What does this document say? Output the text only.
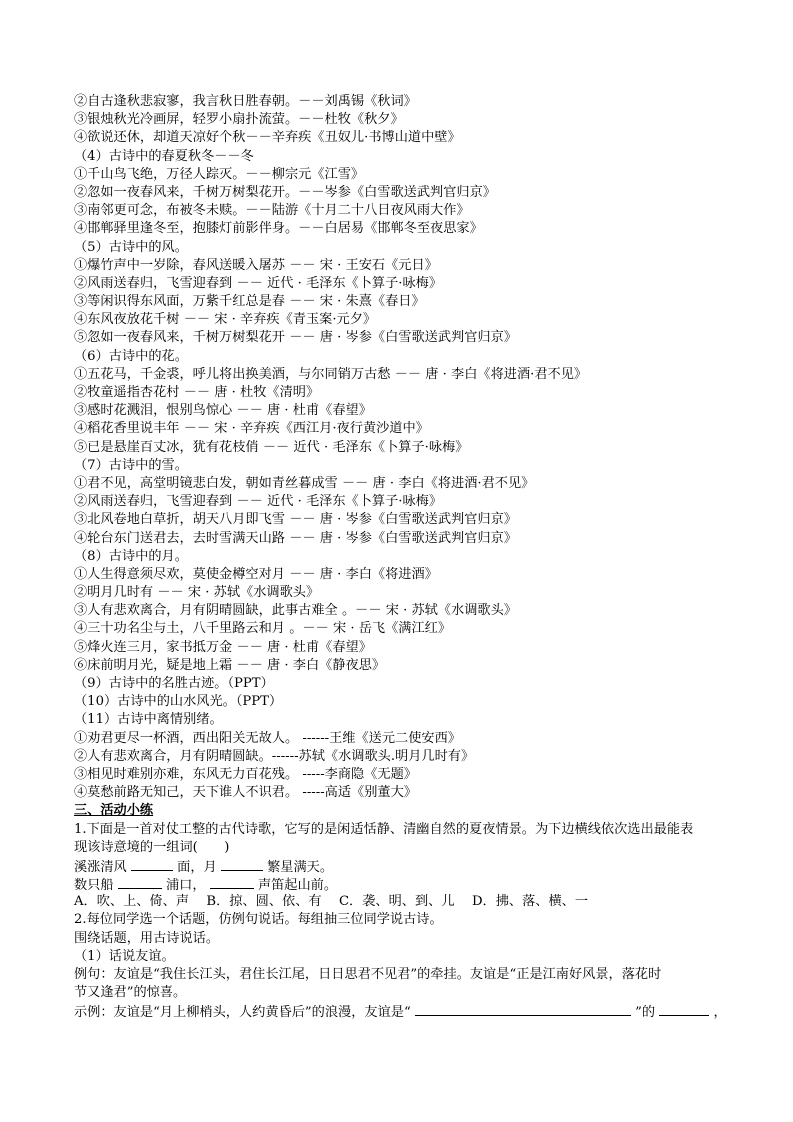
②自古逢秋悲寂寥，我言秋日胜春朝。－－刘禹锡《秋词》
③银烛秋光冷画屏，轻罗小扇扑流萤。－－杜牧《秋夕》
④欲说还休，却道天凉好个秋－－辛弃疾《丑奴儿·书博山道中壁》
（4）古诗中的春夏秋冬－－冬
①千山鸟飞绝，万径人踪灭。－－柳宗元《江雪》
②忽如一夜春风来，千树万树梨花开。－－岑参《白雪歌送武判官归京》
③南邻更可念，布被冬未赎。－－陆游《十月二十八日夜风雨大作》
④邯郸驿里逢冬至，抱膝灯前影伴身。－－白居易《邯郸冬至夜思家》
（5）古诗中的风。
①爆竹声中一岁除，春风送暖入屠苏 －－ 宋 · 王安石《元日》
②风雨送春归，飞雪迎春到 －－ 近代 · 毛泽东《卜算子·咏梅》
③等闲识得东风面，万紫千红总是春 －－ 宋 · 朱熹《春日》
④东风夜放花千树 －－ 宋 · 辛弃疾《青玉案·元夕》
⑤忽如一夜春风来，千树万树梨花开 －－ 唐 · 岑参《白雪歌送武判官归京》
（6）古诗中的花。
①五花马，千金裘，呼儿将出换美酒，与尔同销万古愁 －－ 唐 · 李白《将进酒·君不见》
②牧童遥指杏花村 －－ 唐 · 杜牧《清明》
③感时花溅泪，恨别鸟惊心 －－ 唐 · 杜甫《春望》
④稻花香里说丰年 －－ 宋 · 辛弃疾《西江月·夜行黄沙道中》
⑤已是悬崖百丈冰，犹有花枝俏 －－ 近代 · 毛泽东《卜算子·咏梅》
（7）古诗中的雪。
①君不见，高堂明镜悲白发，朝如青丝暮成雪 －－ 唐 · 李白《将进酒·君不见》
②风雨送春归，飞雪迎春到 －－ 近代 · 毛泽东《卜算子·咏梅》
③北风卷地白草折，胡天八月即飞雪 －－ 唐 · 岑参《白雪歌送武判官归京》
④轮台东门送君去，去时雪满天山路 －－ 唐 · 岑参《白雪歌送武判官归京》
（8）古诗中的月。
①人生得意须尽欢，莫使金樽空对月 －－ 唐 · 李白《将进酒》
②明月几时有 －－ 宋 · 苏轼《水调歌头》
③人有悲欢离合，月有阴晴圆缺，此事古难全 。－－ 宋 · 苏轼《水调歌头》
④三十功名尘与土，八千里路云和月 。－－ 宋 · 岳飞《满江红》
⑤烽火连三月，家书抵万金 －－ 唐 · 杜甫《春望》
⑥床前明月光，疑是地上霜 －－ 唐 · 李白《静夜思》
（9）古诗中的名胜古迹。（PPT）
（10）古诗中的山水风光。（PPT）
（11）古诗中离情别绪。
①劝君更尽一杯酒，西出阳关无故人。 ------王维《送元二使安西》
②人有悲欢离合，月有阴晴圆缺。------苏轼《水调歌头.明月几时有》
③相见时难别亦难，东风无力百花残。 -----李商隐《无题》
④莫愁前路无知己，天下谁人不识君。 -----高适《别董大》
三、活动小练
1.下面是一首对仗工整的古代诗歌，它写的是闲适恬静、清幽自然的夏夜情景。为下边横线依次选出最能表
现该诗意境的一组词(　　)
溪涨清风	面，月	繁星满天。
数只船	浦口，	声笛起山前。
A．吹、上、倚、声　 B．掠、圆、依、有　 C．袭、明、到、儿　 D．拂、落、横、一
2.每位同学选一个话题，仿例句说话。每组抽三位同学说古诗。
围绕话题，用古诗说话。
（1）话说友谊。
例句：友谊是“我住长江头，君住长江尾，日日思君不见君”的牵挂。友谊是“正是江南好风景，落花时
节又逢君”的惊喜。
示例：友谊是“月上柳梢头，人约黄昏后”的浪漫，友谊是“	”的	，
